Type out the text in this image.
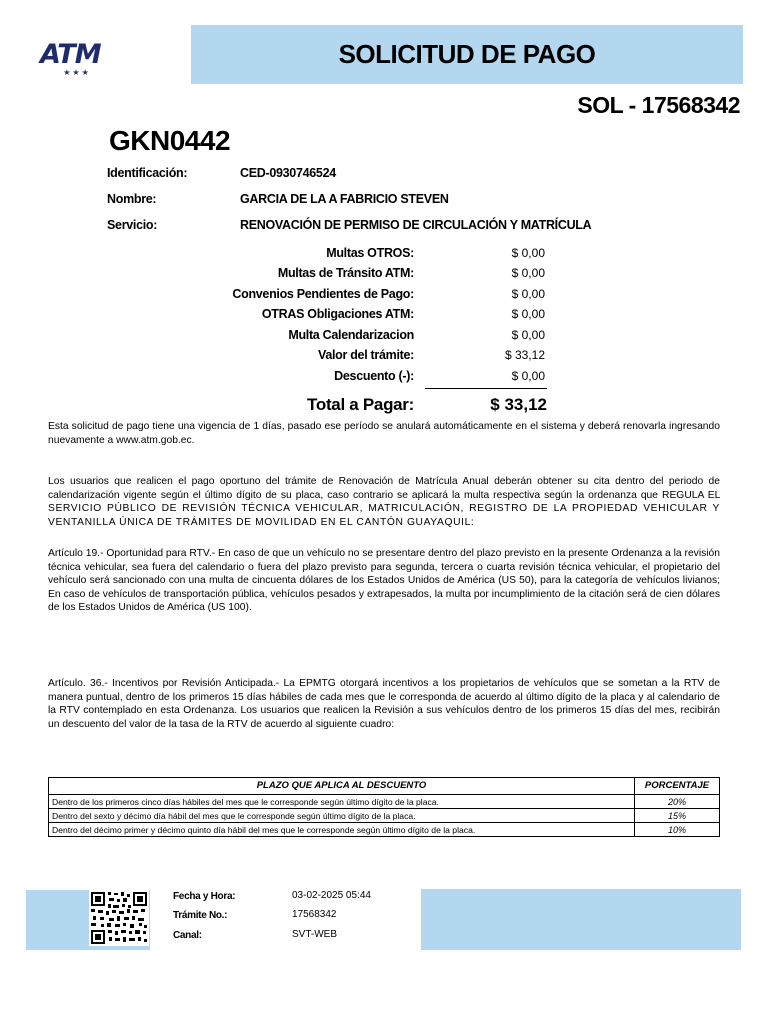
ATM
★★★
SOLICITUD DE PAGO
SOL - 17568342
GKN0442
Identificación:	CED-0930746524
Nombre:	GARCIA DE LA A FABRICIO STEVEN
Servicio:	RENOVACIÓN DE PERMISO DE CIRCULACIÓN Y MATRÍCULA
Multas OTROS:	$ 0,00
Multas de Tránsito ATM:	$ 0,00
Convenios Pendientes de Pago:	$ 0,00
OTRAS Obligaciones ATM:	$ 0,00
Multa Calendarizacion	$ 0,00
Valor del trámite:	$ 33,12
Descuento (-):	$ 0,00
Total a Pagar:	$ 33,12
Esta solicitud de pago tiene una vigencia de 1 días, pasado ese período se anulará automáticamente en el sistema y deberá renovarla ingresando nuevamente a www.atm.gob.ec.
Los usuarios que realicen el pago oportuno del trámite de Renovación de Matrícula Anual deberán obtener su cita dentro del periodo de calendarización vigente según el último dígito de su placa, caso contrario se aplicará la multa respectiva según la ordenanza que REGULA EL SERVICIO PÚBLICO DE REVISIÓN TÉCNICA VEHICULAR, MATRICULACIÓN, REGISTRO DE LA PROPIEDAD VEHICULAR Y VENTANILLA ÚNICA DE TRÁMITES DE MOVILIDAD EN EL CANTÓN GUAYAQUIL:
Artículo 19.- Oportunidad para RTV.- En caso de que un vehículo no se presentare dentro del plazo previsto en la presente Ordenanza a la revisión técnica vehicular, sea fuera del calendario o fuera del plazo previsto para segunda, tercera o cuarta revisión técnica vehicular, el propietario del vehículo será sancionado con una multa de cincuenta dólares de los Estados Unidos de América (US 50), para la categoría de vehículos livianos; En caso de vehículos de transportación pública, vehículos pesados y extrapesados, la multa por incumplimiento de la citación será de cien dólares de los Estados Unidos de América (US 100).
Artículo. 36.- Incentivos por Revisión Anticipada.- La EPMTG otorgará incentivos a los propietarios de vehículos que se sometan a la RTV de manera puntual, dentro de los primeros 15 días hábiles de cada mes que le corresponda de acuerdo al último dígito de la placa y al calendario de la RTV contemplado en esta Ordenanza. Los usuarios que realicen la Revisión a sus vehículos dentro de los primeros 15 días del mes, recibirán un descuento del valor de la tasa de la RTV de acuerdo al siguiente cuadro:
PLAZO QUE APLICA AL DESCUENTO	PORCENTAJE
Dentro de los primeros cinco días hábiles del mes que le corresponde según último dígito de la placa.	20%
Dentro del sexto y décimo día hábil del mes que le corresponde según último dígito de la placa.	15%
Dentro del décimo primer y décimo quinto día hábil del mes que le corresponde según último dígito de la placa.	10%
Fecha y Hora:	03-02-2025 05:44
Trámite No.:	17568342
Canal:	SVT-WEB
